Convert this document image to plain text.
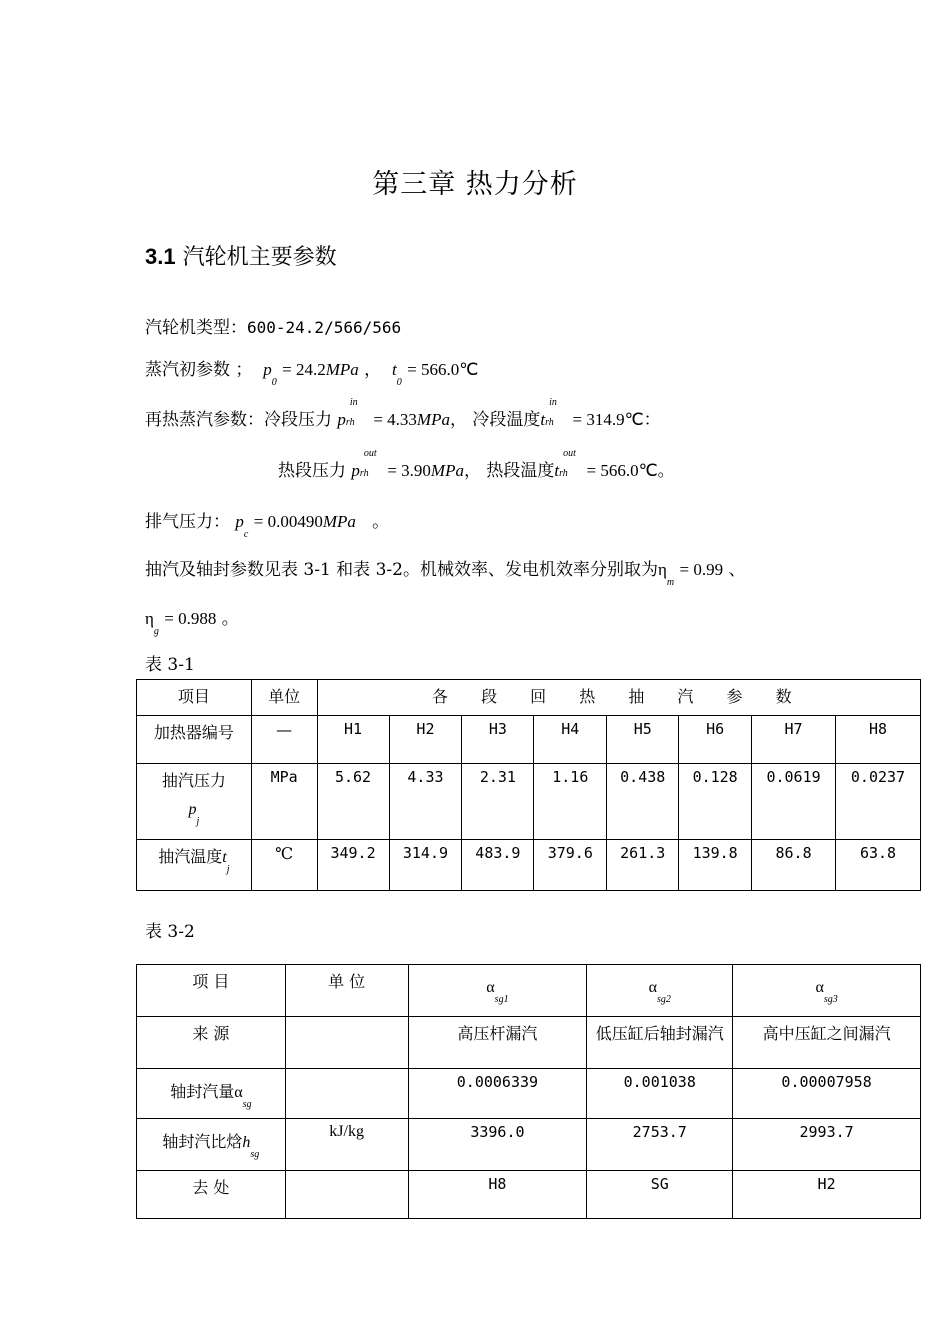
第三章 热力分析
3.1 汽轮机主要参数
汽轮机类型：600-24.2/566/566
蒸汽初参数 ； $p_0 = 24.2MPa$ ， $t_0$ = 566.0℃
再热蒸汽参数：冷段压力 p
in
rh = 4.33MPa， 冷段温度t
in
rh = 314.9℃：
热段压力 p
out
rh = 3.90MPa， 热段温度t
out
rh = 566.0℃。
排气压力： $p_c = 0.00490MPa$ 。
抽汽及轴封参数见表 3-1 和表 3-2。机械效率、发电机效率分别取为$\eta_m = 0.99$ 、
$\eta_g = 0.988$ 。
表 3-1
项目	单位	各 段 回 热 抽 汽 参 数							
加热器编号	—	H1	H2	H3	H4	H5	H6	H7	H8

抽汽压力
$p_j$	MPa	5.62	4.33	2.31	1.16	0.438	0.128	0.0619	0.0237
抽汽温度$t_j$	℃	349.2	314.9	483.9	379.6	261.3	139.8	86.8	63.8
表 3-2
项 目	单 位	$\alpha_{sg1}$	$\alpha_{sg2}$	$\alpha_{sg3}$

来 源		高压杆漏汽	低压缸后轴封漏汽	高中压缸之间漏汽
轴封汽量$\alpha_{sg}$		0.0006339	0.001038	0.00007958
轴封汽比焓$h_{sg}$	kJ/kg	3396.0	2753.7	2993.7
去 处		H8	SG	H2
